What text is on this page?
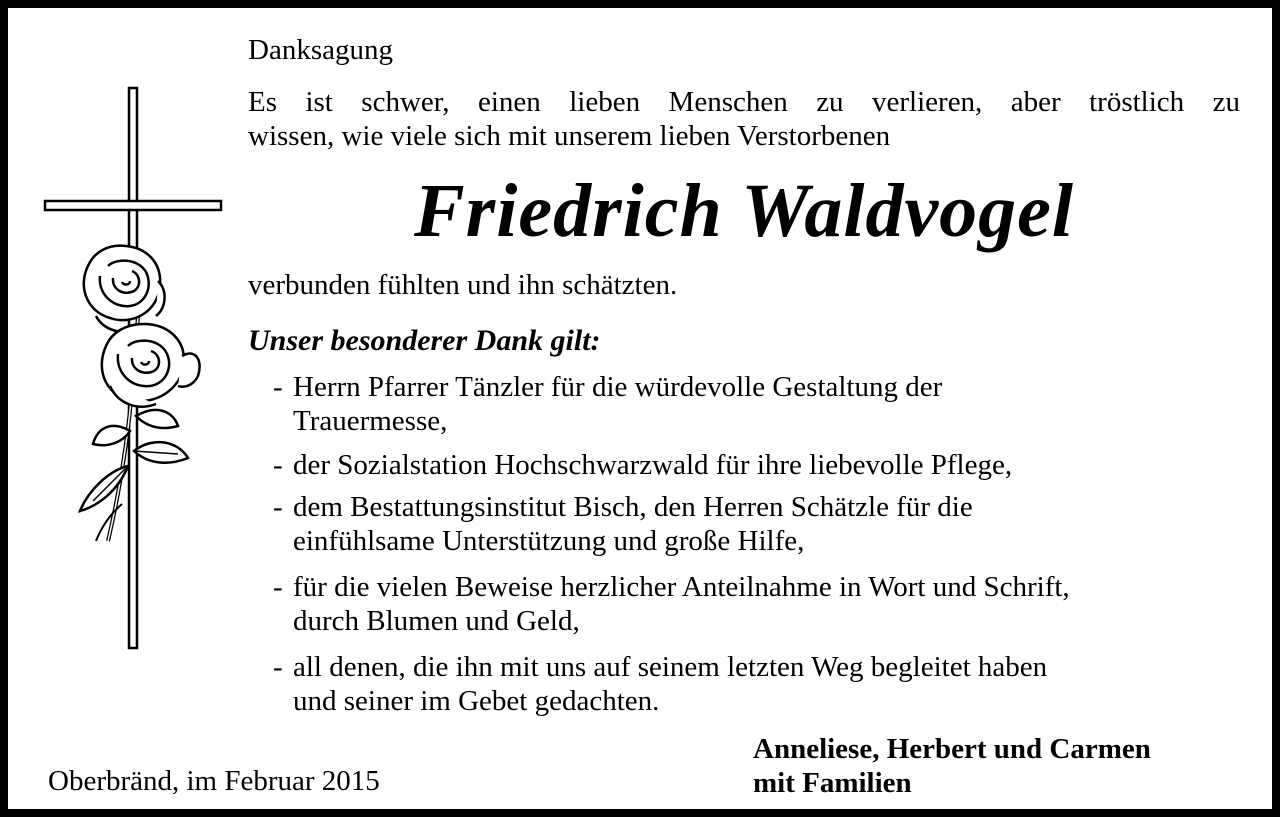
Danksagung
Es ist schwer, einen lieben Menschen zu verlieren, aber tröstlich zu
wissen, wie viele sich mit unserem lieben Verstorbenen
Friedrich Waldvogel
verbunden fühlten und ihn schätzten.
Unser besonderer Dank gilt:
- Herrn Pfarrer Tänzler für die würdevolle Gestaltung der
Trauermesse,
- der Sozialstation Hochschwarzwald für ihre liebevolle Pflege,
- dem Bestattungsinstitut Bisch, den Herren Schätzle für die
einfühlsame Unterstützung und große Hilfe,
- für die vielen Beweise herzlicher Anteilnahme in Wort und Schrift,
durch Blumen und Geld,
- all denen, die ihn mit uns auf seinem letzten Weg begleitet haben
und seiner im Gebet gedachten.
Oberbränd, im Februar 2015
Anneliese, Herbert und Carmen
mit Familien
